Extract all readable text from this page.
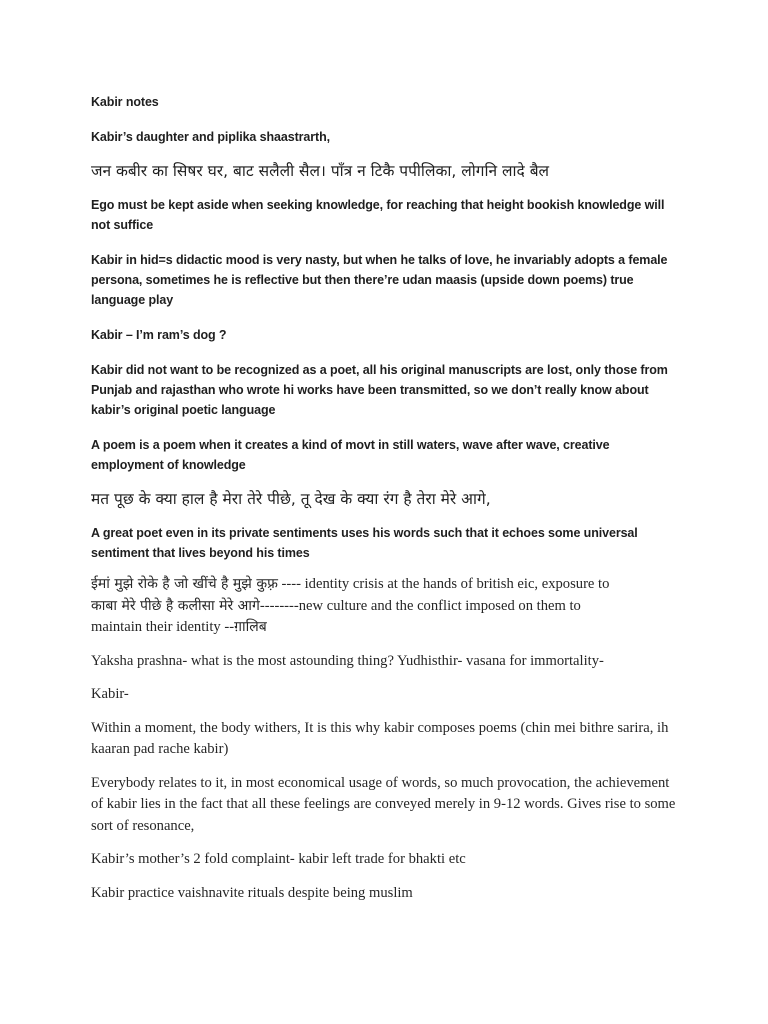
Kabir notes

Kabir’s daughter and piplika shaastrarth,

जन कबीर का सिषर घर, बाट सलैली सैल। पाँत्र न टिकै पपीलिका, लोगनि लादे बैल

Ego must be kept aside when seeking knowledge, for reaching that height bookish knowledge will not suffice

Kabir in hid=s didactic mood is very nasty, but when he talks of love, he invariably adopts a female persona, sometimes he is reflective but then there’re udan maasis (upside down poems) true language play

Kabir – I’m ram’s dog ?

Kabir did not want to be recognized as a poet, all his original manuscripts are lost, only those from Punjab and rajasthan who wrote hi works have been transmitted, so we don’t really know about kabir’s original poetic language

A poem is a poem when it creates a kind of movt in still waters, wave after wave, creative employment of knowledge

मत पूछ के क्या हाल है मेरा तेरे पीछे, तू देख के क्या रंग है तेरा मेरे आगे,

A great poet even in its private sentiments uses his words such that it echoes some universal sentiment that lives beyond his times

ईमां मुझे रोके है जो खींचे है मुझे कुफ़्र ---- identity crisis at the hands of british eic, exposure to
काबा मेरे पीछे है कलीसा मेरे आगे--------new culture and the conflict imposed on them to
maintain their identity --ग़ालिब

Yaksha prashna- what is the most astounding thing? Yudhisthir- vasana for immortality-

Kabir-

Within a moment, the body withers, It is this why kabir composes poems (chin mei bithre sarira, ih kaaran pad rache kabir)

Everybody relates to it, in most economical usage of words, so much provocation, the achievement of kabir lies in the fact that all these feelings are conveyed merely in 9-12 words. Gives rise to some sort of resonance,

Kabir’s mother’s 2 fold complaint- kabir left trade for bhakti etc

Kabir practice vaishnavite rituals despite being muslim
